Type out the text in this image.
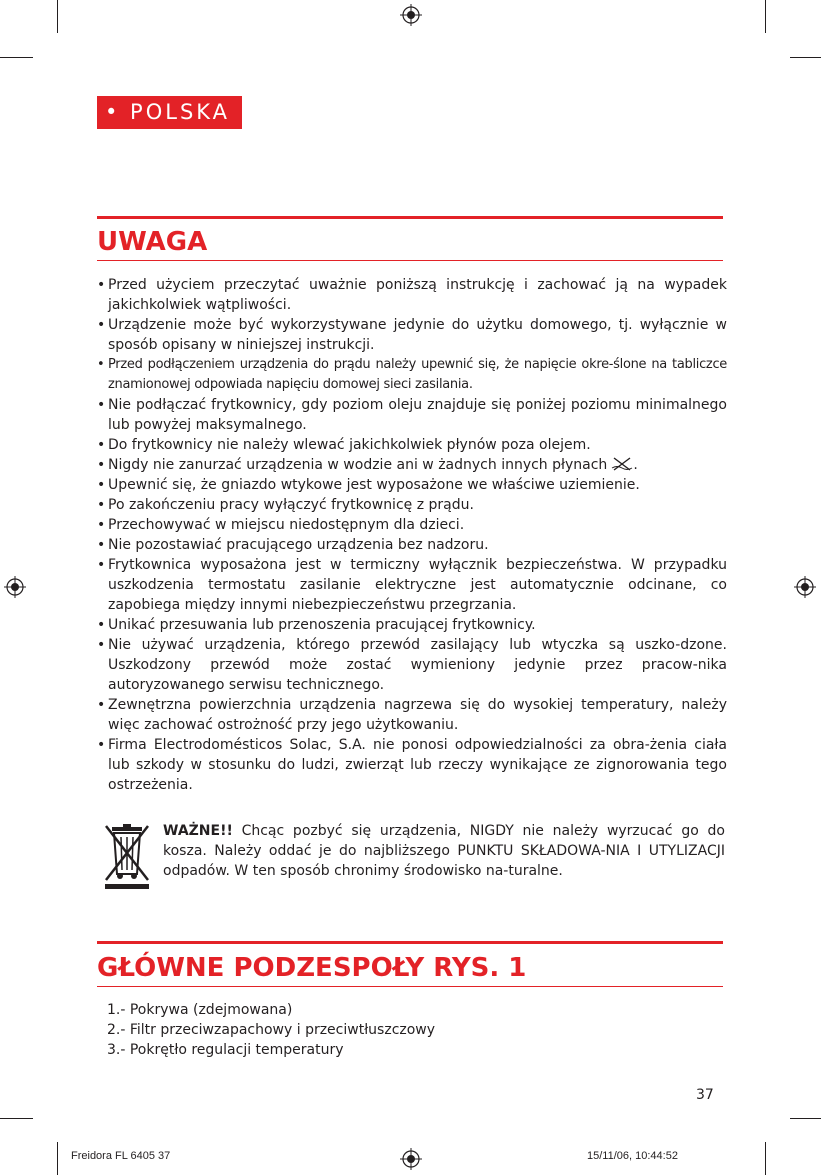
• POLSKA
UWAGA
• Przed użyciem przeczytać uważnie poniższą instrukcję i zachować ją na wypadek jakichkolwiek wątpliwości.
• Urządzenie może być wykorzystywane jedynie do użytku domowego, tj. wyłącznie w sposób opisany w niniejszej instrukcji.
• Przed podłączeniem urządzenia do prądu należy upewnić się, że napięcie okre-ślone na tabliczce znamionowej odpowiada napięciu domowej sieci zasilania.
• Nie podłączać frytkownicy, gdy poziom oleju znajduje się poniżej poziomu minimalnego lub powyżej maksymalnego.
• Do frytkownicy nie należy wlewać jakichkolwiek płynów poza olejem.
• Nigdy nie zanurzać urządzenia w wodzie ani w żadnych innych płynach .
• Upewnić się, że gniazdo wtykowe jest wyposażone we właściwe uziemienie.
• Po zakończeniu pracy wyłączyć frytkownicę z prądu.
• Przechowywać w miejscu niedostępnym dla dzieci.
• Nie pozostawiać pracującego urządzenia bez nadzoru.
• Frytkownica wyposażona jest w termiczny wyłącznik bezpieczeństwa. W przypadku uszkodzenia termostatu zasilanie elektryczne jest automatycznie odcinane, co zapobiega między innymi niebezpieczeństwu przegrzania.
• Unikać przesuwania lub przenoszenia pracującej frytkownicy.
• Nie używać urządzenia, którego przewód zasilający lub wtyczka są uszko-dzone. Uszkodzony przewód może zostać wymieniony jedynie przez pracow-nika autoryzowanego serwisu technicznego.
• Zewnętrzna powierzchnia urządzenia nagrzewa się do wysokiej temperatury, należy więc zachować ostrożność przy jego użytkowaniu.
• Firma Electrodomésticos Solac, S.A. nie ponosi odpowiedzialności za obra-żenia ciała lub szkody w stosunku do ludzi, zwierząt lub rzeczy wynikające ze zignorowania tego ostrzeżenia.
WAŻNE!! Chcąc pozbyć się urządzenia, NIGDY nie należy wyrzucać go do kosza. Należy oddać je do najbliższego PUNKTU SKŁADOWA-NIA I UTYLIZACJI odpadów. W ten sposób chronimy środowisko na-turalne.
GŁÓWNE PODZESPOŁY RYS. 1
1.- Pokrywa (zdejmowana)
2.- Filtr przeciwzapachowy i przeciwtłuszczowy
3.- Pokrętło regulacji temperatury
37
Freidora FL 6405 37	15/11/06, 10:44:52
